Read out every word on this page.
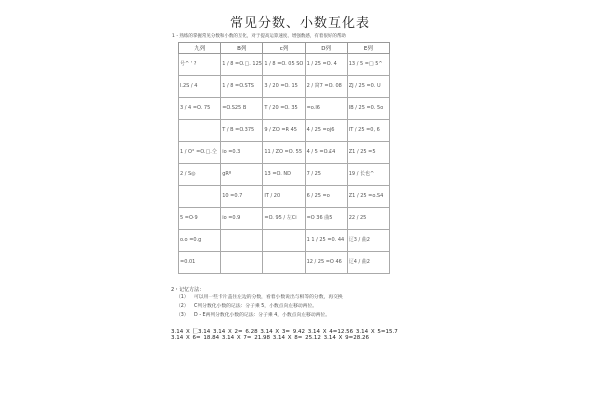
常见分数、小数互化表
1・熟练的掌握常见分数和小数的互化，对于提高运算速度、增强数感，有着很好的帮助
九列	B列	c列	D列	E列

号^ ' ?	1 / 8 =O.□. 125	1 / 8 =O. 05 SO	1 / 25 =O. 4	13 / 5 =□ 5^

l.2S / 4	1 / 8 =O.STS	3 / 20 =O. 15	2 / 窝7 =O. 08	ZJ / 25 =0. U

3 / 4 =O. 75	=O.S25 B	T / 20 =O. 35	=o.I6	IB / 25 =0. 5o

	T / B =O.375	9 / ZO =R 45	4 / 25 =oj6	IT / 25 =0, 6

1 / O° =O.□.仝	io =0.3	11 / ZO =O. 55	4 / 5 =O.£4	Z1 / 25 =5

2 / S◎	gRº	13 =O. ND	7 / 25	19 / 长也^

	10 =0.7	IT / 20	6 / 25 =o	Z1 / 25 =o.S4

5 =O·9	io =0.9	=O. 95 / 左Ci	=O 36 曲5	22 / 25

o.o =0.g			1 1 / 25 =0. 44	辽3 / 曲2

=0.01			12 / 25 =O 46	辽4 / 曲2
2・记忆方法：
（1） 可以用一些卡片盖住左边的分数，看着小数说出与相等的分数，再交换
（2） C列分数化小数的记法：分子乘 5，小数点向左移动两位。
（3） D・E两列分数化小数的记法：分子乘 4，小数点向左移动两位。
3.14 X 匚3.14 3.14 X 2= 6.28 3.14 X 3= 9.42 3.14 X 4=12.56 3.14 X 5=15.7
3.14 X 6= 18.84 3.14 X 7= 21.98 3.14 X 8= 25.12 3.14 X 9=28.26
